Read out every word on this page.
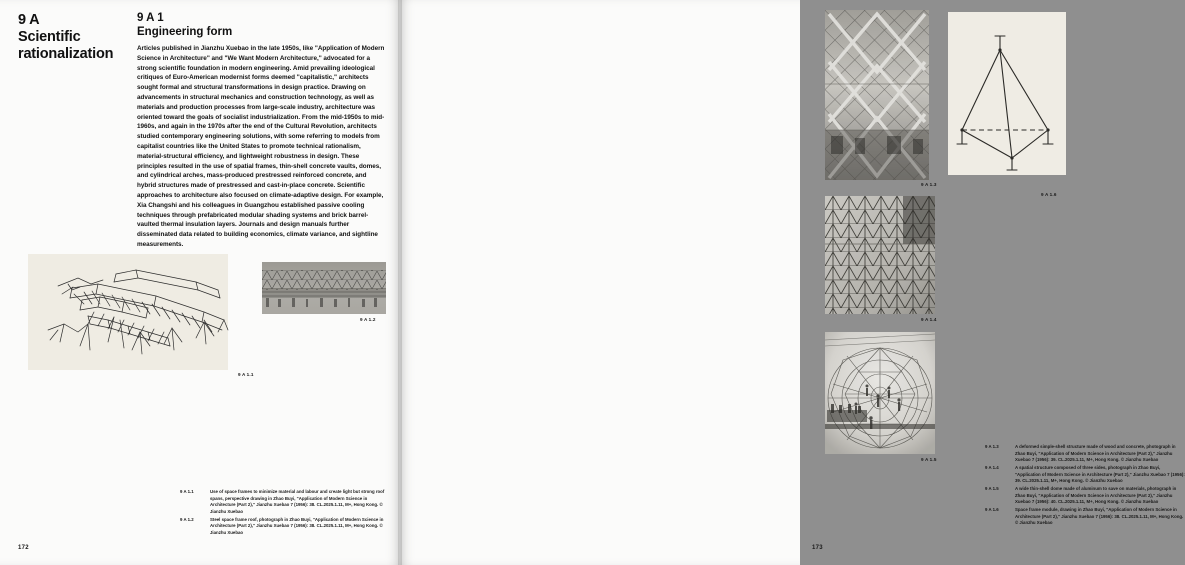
9 A
Scientific rationalization
9 A 1
Engineering form
Articles published in Jianzhu Xuebao in the late 1950s, like "Application of Modern Science in Architecture" and "We Want Modern Architecture," advocated for a strong scientific foundation in modern engineering. Amid prevailing ideological critiques of Euro-American modernist forms deemed "capitalistic," architects sought formal and structural transformations in design practice. Drawing on advancements in structural mechanics and construction technology, as well as materials and production processes from large-scale industry, architecture was oriented toward the goals of socialist industrialization. From the mid-1950s to mid-1960s, and again in the 1970s after the end of the Cultural Revolution, architects studied contemporary engineering solutions, with some referring to models from capitalist countries like the United States to promote technical rationalism, material-structural efficiency, and lightweight robustness in design. These principles resulted in the use of spatial frames, thin-shell concrete vaults, domes, and cylindrical arches, mass-produced prestressed reinforced concrete, and hybrid structures made of prestressed and cast-in-place concrete. Scientific approaches to architecture also focused on climate-adaptive design. For example, Xia Changshi and his colleagues in Guangzhou established passive cooling techniques through prefabricated modular shading systems and brick barrel-vaulted thermal insulation layers. Journals and design manuals further disseminated data related to building economics, climate variance, and sightline measurements.
9 A 1.1
9 A 1.2
9 A 1.1	Use of space frames to minimize material and labour and create light but strong roof spans, perspective drawing in Zhao Buyi, "Application of Modern Science in Architecture (Part 2)," Jianzhu Xuebao 7 (1956): 38. CL.2025.1.11, M+, Hong Kong. © Jianzhu Xuebao
9 A 1.2	Steel space frame roof, photograph in Zhao Buyi, "Application of Modern Science in Architecture (Part 2)," Jianzhu Xuebao 7 (1956): 38. CL.2025.1.11, M+, Hong Kong. © Jianzhu Xuebao
172
9 A 1.3
9 A 1.6
9 A 1.4
9 A 1.5
9 A 1.3	A deformed simple-shell structure made of wood and concrete, photograph in Zhao Buyi, "Application of Modern Science in Architecture (Part 2)," Jianzhu Xuebao 7 (1956): 39. CL.2025.1.11, M+, Hong Kong. © Jianzhu Xuebao
9 A 1.4	A spatial structure composed of three sides, photograph in Zhao Buyi, "Application of Modern Science in Architecture (Part 2)," Jianzhu Xuebao 7 (1956): 39. CL.2025.1.11, M+, Hong Kong. © Jianzhu Xuebao
9 A 1.5	A wide thin-shell dome made of aluminum to save on materials, photograph in Zhao Buyi, "Application of Modern Science in Architecture (Part 2)," Jianzhu Xuebao 7 (1956): 40. CL.2025.1.11, M+, Hong Kong. © Jianzhu Xuebao
9 A 1.6	Space frame module, drawing in Zhao Buyi, "Application of Modern Science in Architecture (Part 2)," Jianzhu Xuebao 7 (1956): 38. CL.2025.1.11, M+, Hong Kong. © Jianzhu Xuebao
173
